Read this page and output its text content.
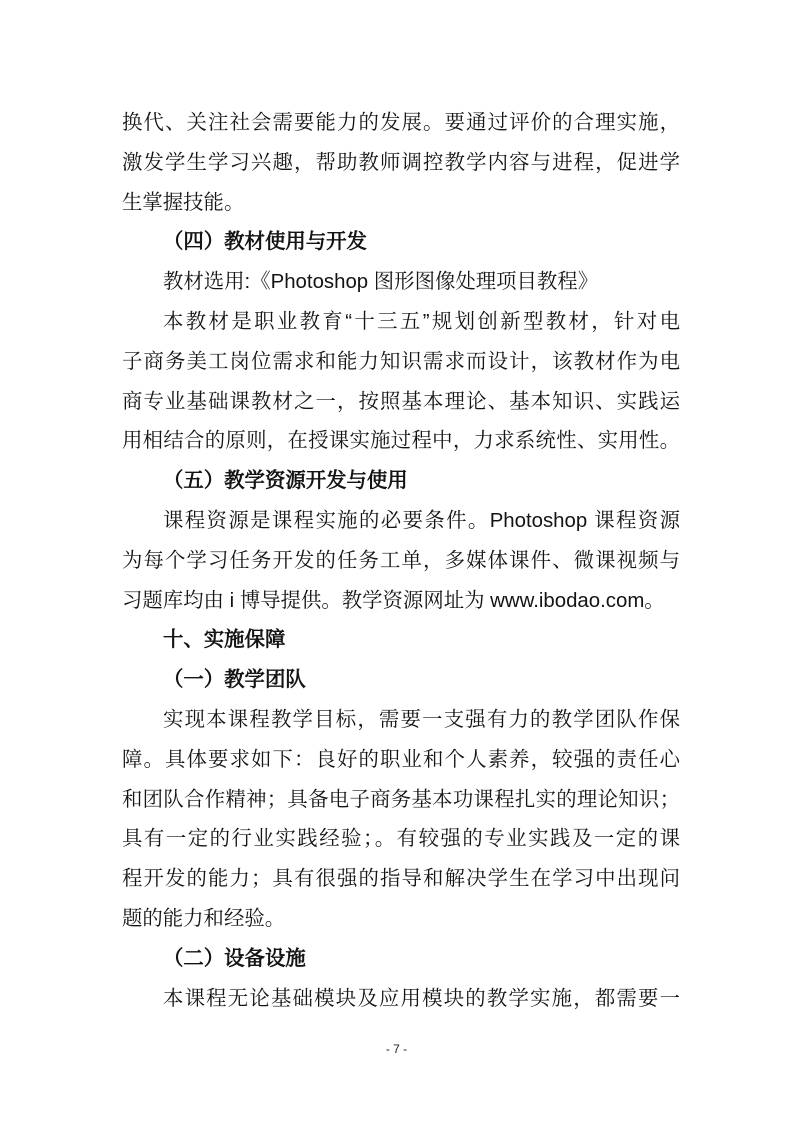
换代、关注社会需要能力的发展。要通过评价的合理实施，
激发学生学习兴趣，帮助教师调控教学内容与进程，促进学
生掌握技能。
（四）教材使用与开发
教材选用:《Photoshop 图形图像处理项目教程》
本教材是职业教育“十三五”规划创新型教材，针对电
子商务美工岗位需求和能力知识需求而设计，该教材作为电
商专业基础课教材之一，按照基本理论、基本知识、实践运
用相结合的原则，在授课实施过程中，力求系统性、实用性。
（五）教学资源开发与使用
课程资源是课程实施的必要条件。Photoshop 课程资源
为每个学习任务开发的任务工单，多媒体课件、微课视频与
习题库均由 i 博导提供。教学资源网址为 www.ibodao.com。
十、实施保障
（一）教学团队
实现本课程教学目标，需要一支强有力的教学团队作保
障。具体要求如下：良好的职业和个人素养，较强的责任心
和团队合作精神；具备电子商务基本功课程扎实的理论知识；
具有一定的行业实践经验；。有较强的专业实践及一定的课
程开发的能力；具有很强的指导和解决学生在学习中出现问
题的能力和经验。
（二）设备设施
本课程无论基础模块及应用模块的教学实施，都需要一
- 7 -
